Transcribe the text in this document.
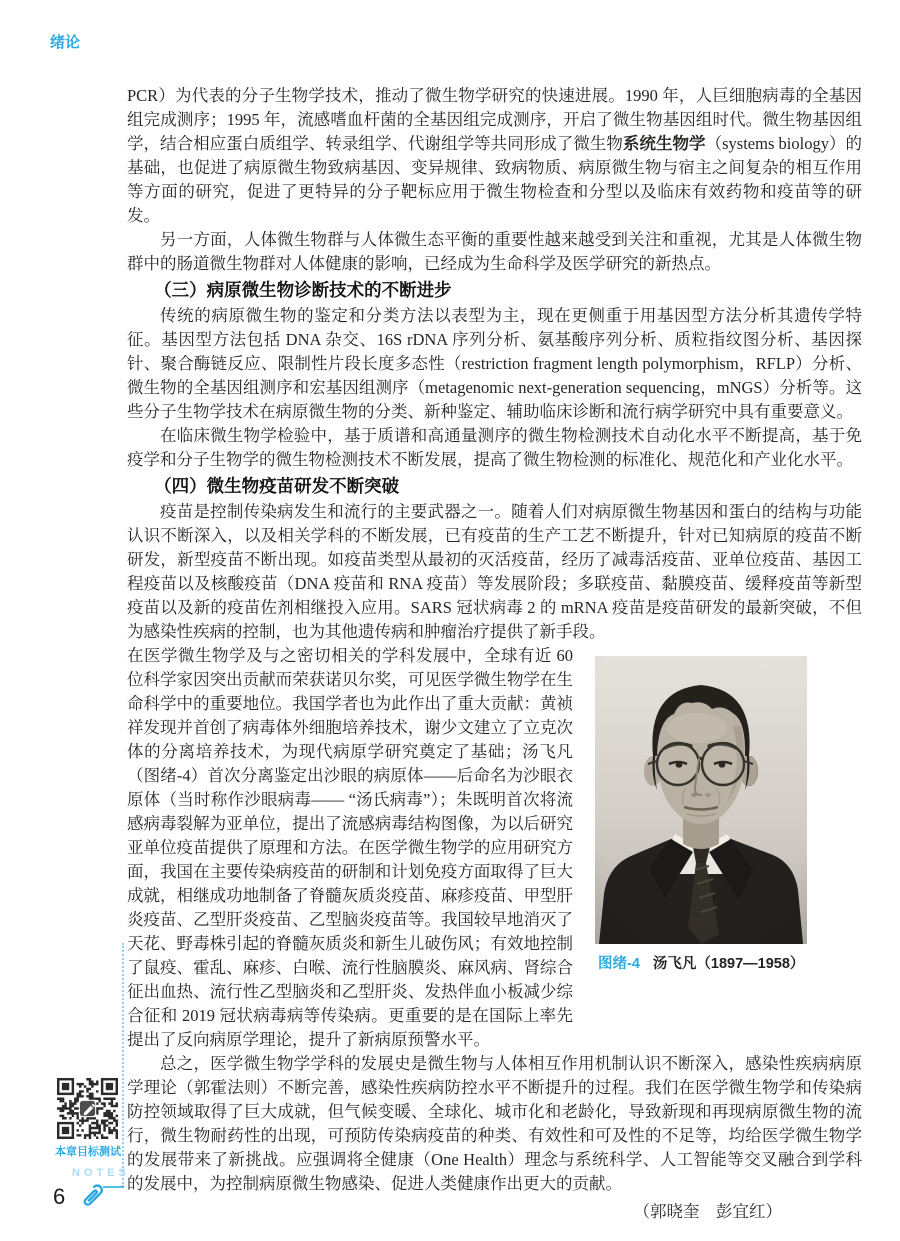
绪论

PCR）为代表的分子生物学技术，推动了微生物学研究的快速进展。1990 年，人巨细胞病毒的全基因组完成测序；1995 年，流感嗜血杆菌的全基因组完成测序，开启了微生物基因组时代。微生物基因组学，结合相应蛋白质组学、转录组学、代谢组学等共同形成了微生物系统生物学（systems biology）的基础，也促进了病原微生物致病基因、变异规律、致病物质、病原微生物与宿主之间复杂的相互作用等方面的研究，促进了更特异的分子靶标应用于微生物检查和分型以及临床有效药物和疫苗等的研发。

另一方面，人体微生物群与人体微生态平衡的重要性越来越受到关注和重视，尤其是人体微生物群中的肠道微生物群对人体健康的影响，已经成为生命科学及医学研究的新热点。

（三）病原微生物诊断技术的不断进步

传统的病原微生物的鉴定和分类方法以表型为主，现在更侧重于用基因型方法分析其遗传学特征。基因型方法包括 DNA 杂交、16S rDNA 序列分析、氨基酸序列分析、质粒指纹图分析、基因探针、聚合酶链反应、限制性片段长度多态性（restriction fragment length polymorphism，RFLP）分析、微生物的全基因组测序和宏基因组测序（metagenomic next-generation sequencing，mNGS）分析等。这些分子生物学技术在病原微生物的分类、新种鉴定、辅助临床诊断和流行病学研究中具有重要意义。

在临床微生物学检验中，基于质谱和高通量测序的微生物检测技术自动化水平不断提高，基于免疫学和分子生物学的微生物检测技术不断发展，提高了微生物检测的标准化、规范化和产业化水平。

（四）微生物疫苗研发不断突破

疫苗是控制传染病发生和流行的主要武器之一。随着人们对病原微生物基因和蛋白的结构与功能认识不断深入，以及相关学科的不断发展，已有疫苗的生产工艺不断提升，针对已知病原的疫苗不断研发，新型疫苗不断出现。如疫苗类型从最初的灭活疫苗，经历了减毒活疫苗、亚单位疫苗、基因工程疫苗以及核酸疫苗（DNA 疫苗和 RNA 疫苗）等发展阶段；多联疫苗、黏膜疫苗、缓释疫苗等新型疫苗以及新的疫苗佐剂相继投入应用。SARS 冠状病毒 2 的 mRNA 疫苗是疫苗研发的最新突破，不但为感染性疾病的控制，也为其他遗传病和肿瘤治疗提供了新手段。

图绪-4 汤飞凡（1897—1958）
在医学微生物学及与之密切相关的学科发展中，全球有近 60 位科学家因突出贡献而荣获诺贝尔奖，可见医学微生物学在生命科学中的重要地位。我国学者也为此作出了重大贡献：黄祯祥发现并首创了病毒体外细胞培养技术，谢少文建立了立克次体的分离培养技术，为现代病原学研究奠定了基础；汤飞凡（图绪-4）首次分离鉴定出沙眼的病原体——后命名为沙眼衣原体（当时称作沙眼病毒—— “汤氏病毒”）；朱既明首次将流感病毒裂解为亚单位，提出了流感病毒结构图像，为以后研究亚单位疫苗提供了原理和方法。在医学微生物学的应用研究方面，我国在主要传染病疫苗的研制和计划免疫方面取得了巨大成就，相继成功地制备了脊髓灰质炎疫苗、麻疹疫苗、甲型肝炎疫苗、乙型肝炎疫苗、乙型脑炎疫苗等。我国较早地消灭了天花、野毒株引起的脊髓灰质炎和新生儿破伤风；有效地控制了鼠疫、霍乱、麻疹、白喉、流行性脑膜炎、麻风病、肾综合征出血热、流行性乙型脑炎和乙型肝炎、发热伴血小板减少综合征和 2019 冠状病毒病等传染病。更重要的是在国际上率先提出了反向病原学理论，提升了新病原预警水平。

总之，医学微生物学学科的发展史是微生物与人体相互作用机制认识不断深入，感染性疾病病原学理论（郭霍法则）不断完善，感染性疾病防控水平不断提升的过程。我们在医学微生物学和传染病防控领域取得了巨大成就，但气候变暖、全球化、城市化和老龄化，导致新现和再现病原微生物的流行，微生物耐药性的出现，可预防传染病疫苗的种类、有效性和可及性的不足等，均给医学微生物学的发展带来了新挑战。应强调将全健康（One Health）理念与系统科学、人工智能等交叉融合到学科的发展中，为控制病原微生物感染、促进人类健康作出更大的贡献。

（郭晓奎　彭宜红）
本章目标测试
NOTES
6
